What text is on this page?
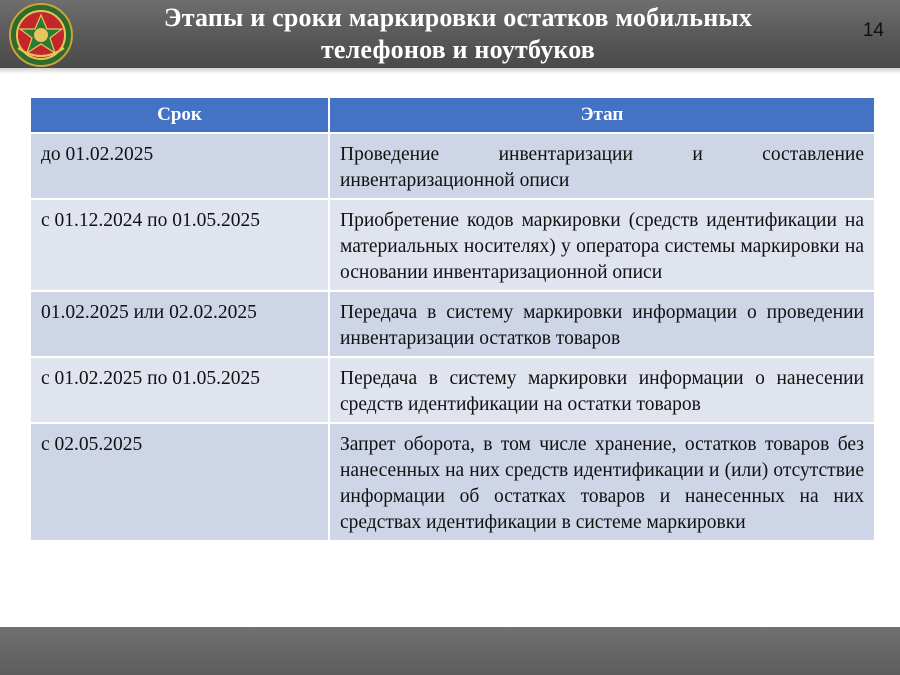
Этапы и сроки маркировки остатков мобильных
телефонов и ноутбуков
Срок	Этап
до 01.02.2025	Проведение инвентаризации и составление инвентаризационной описи
с 01.12.2024 по 01.05.2025	Приобретение кодов маркировки (средств идентификации на материальных носителях) у оператора системы маркировки на основании инвентаризационной описи
01.02.2025 или 02.02.2025	Передача в систему маркировки информации о проведении инвентаризации остатков товаров
с 01.02.2025 по 01.05.2025	Передача в систему маркировки информации о нанесении средств идентификации на остатки товаров
с 02.05.2025	Запрет оборота, в том числе хранение, остатков товаров без нанесенных на них средств идентификации и (или) отсутствие информации об остатках товаров и нанесенных на них средствах идентификации в системе маркировки
14
